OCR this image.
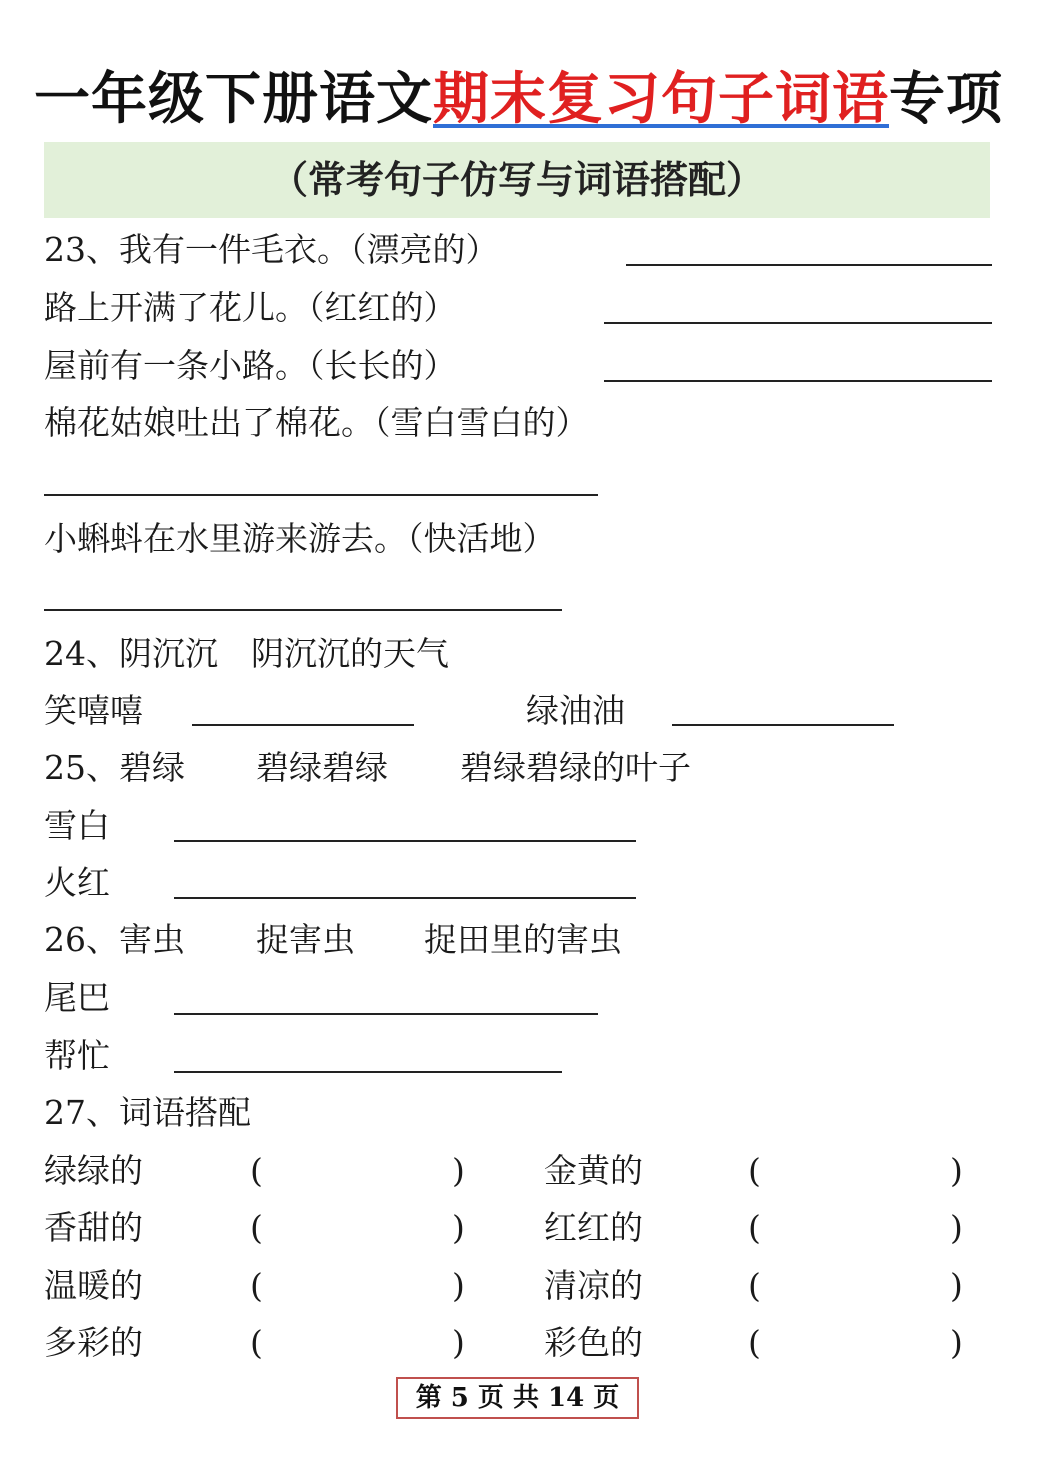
一年级下册语文期末复习句子词语专项
（常考句子仿写与词语搭配）
23、我有一件毛衣。（漂亮的）
路上开满了花儿。（红红的）
屋前有一条小路。（长长的）
棉花姑娘吐出了棉花。（雪白雪白的）
小蝌蚪在水里游来游去。（快活地）
24、阴沉沉　阴沉沉的天气
笑嘻嘻	绿油油
25、碧绿 碧绿碧绿 碧绿碧绿的叶子
雪白
火红
26、害虫 捉害虫 捉田里的害虫
尾巴
帮忙
27、词语搭配
绿绿的	(	) 金黄的	(	)
香甜的	(	) 红红的	(	)
温暖的	(	) 清凉的	(	)
多彩的	(	) 彩色的	(	)
第 5 页 共 14 页
